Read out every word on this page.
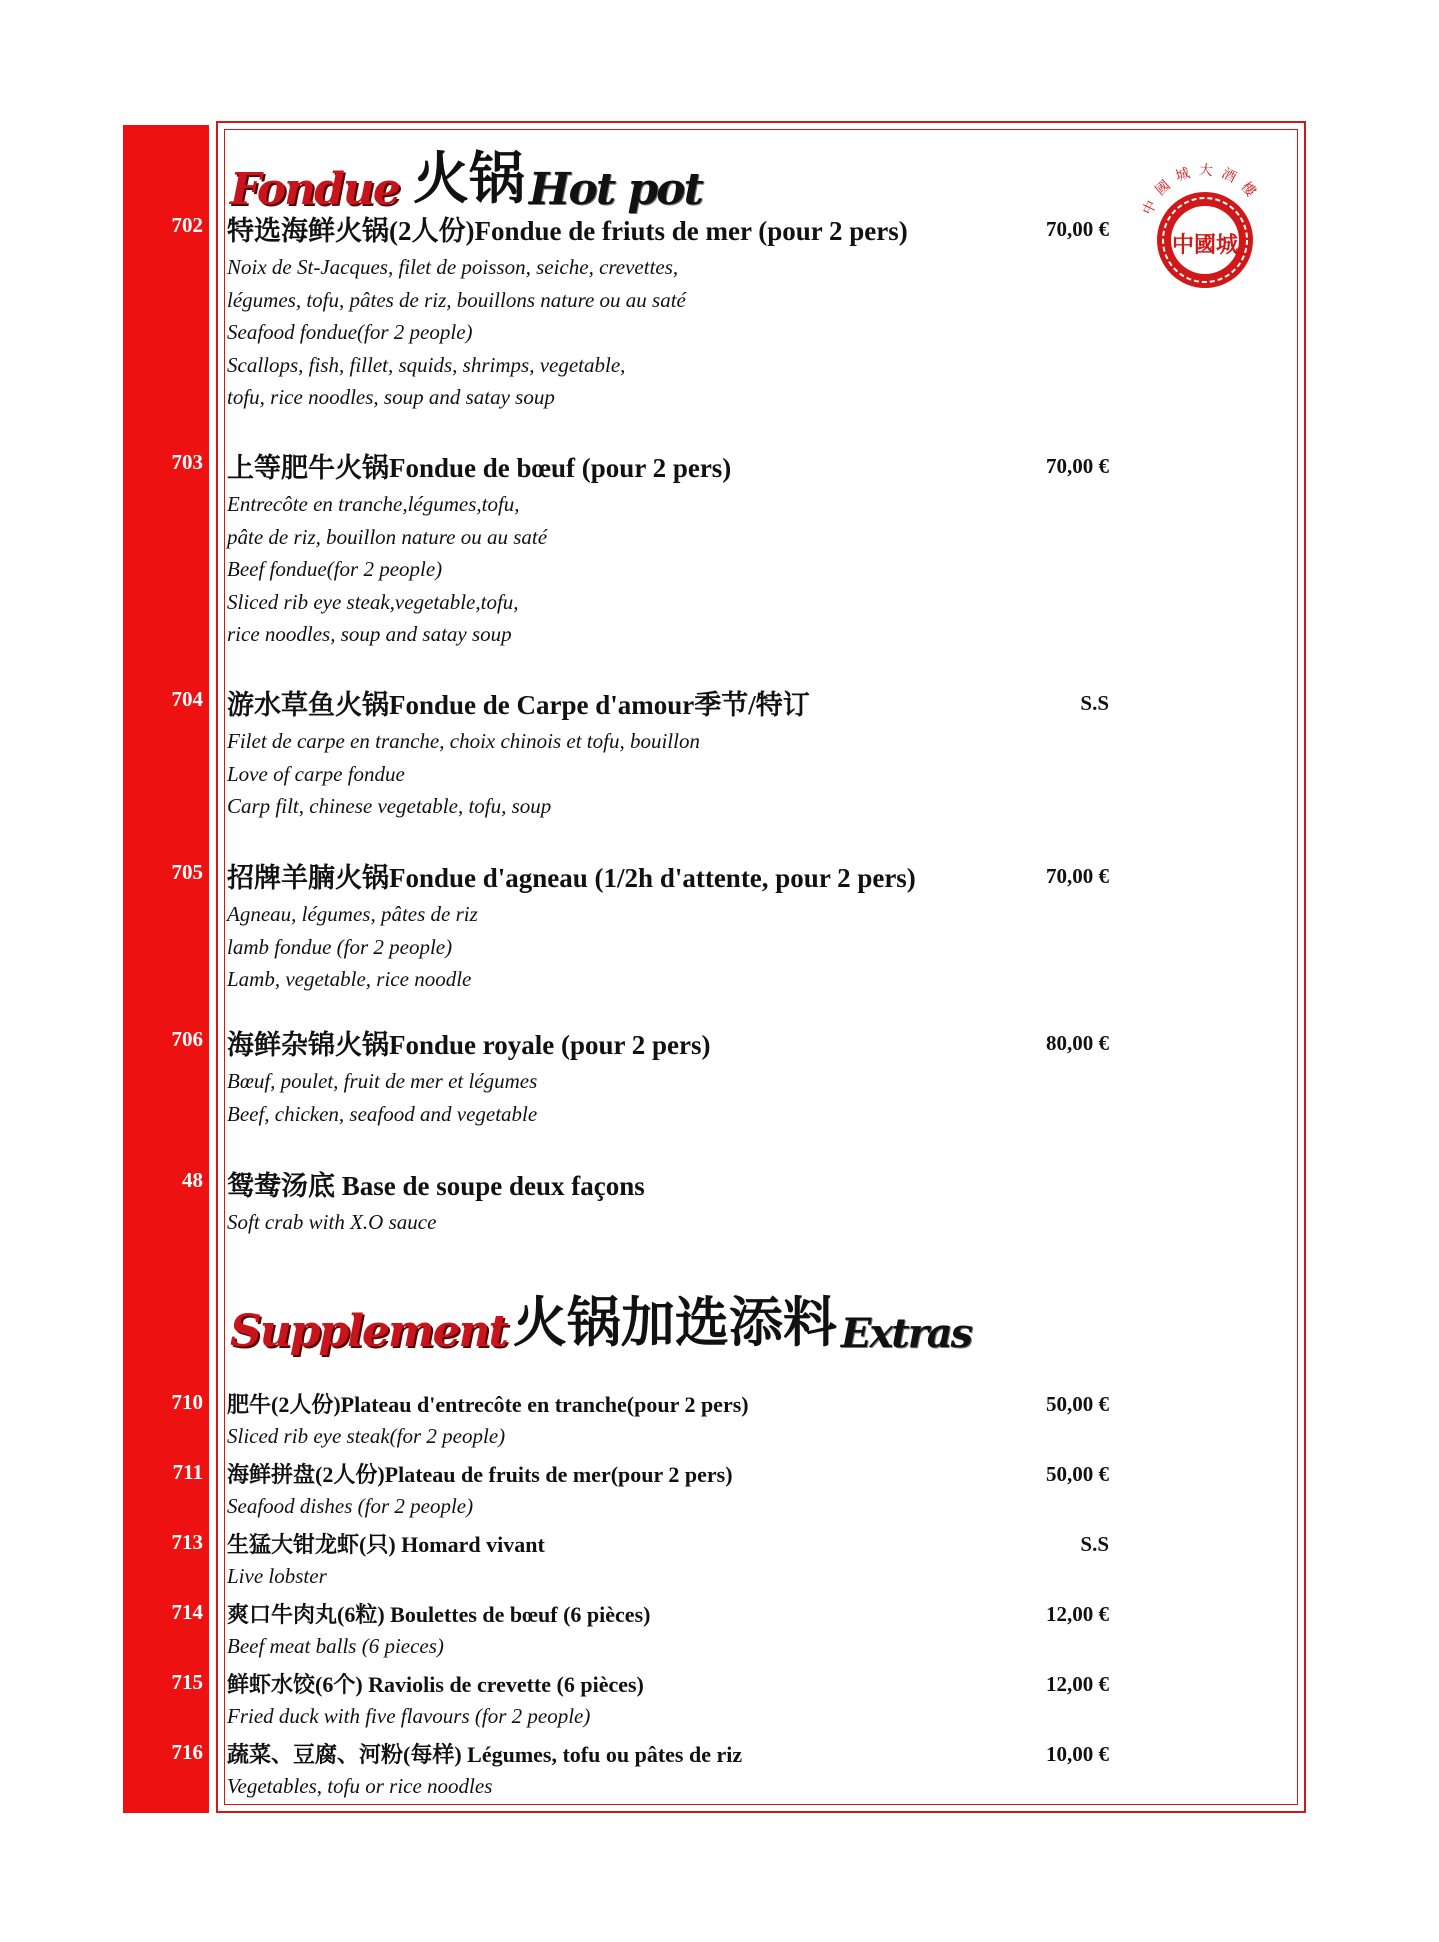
Fondue 火锅 Hot pot	中國城大酒樓
中國城
702 特选海鲜火锅(2人份)Fondue de friuts de mer (pour 2 pers)	70,00 €
Noix de St-Jacques, filet de poisson, seiche, crevettes,
légumes, tofu, pâtes de riz, bouillons nature ou au saté
Seafood fondue(for 2 people)
Scallops, fish, fillet, squids, shrimps, vegetable,
tofu, rice noodles, soup and satay soup
703 上等肥牛火锅Fondue de bœuf (pour 2 pers)	70,00 €
Entrecôte en tranche,légumes,tofu,
pâte de riz, bouillon nature ou au saté
Beef fondue(for 2 people)
Sliced rib eye steak,vegetable,tofu,
rice noodles, soup and satay soup
704 游水草鱼火锅Fondue de Carpe d'amour季节/特订	S.S
Filet de carpe en tranche, choix chinois et tofu, bouillon
Love of carpe fondue
Carp filt, chinese vegetable, tofu, soup
705 招牌羊腩火锅Fondue d'agneau (1/2h d'attente, pour 2 pers)	70,00 €
Agneau, légumes, pâtes de riz
lamb fondue (for 2 people)
Lamb, vegetable, rice noodle
706 海鲜杂锦火锅Fondue royale (pour 2 pers)	80,00 €
Bœuf, poulet, fruit de mer et légumes
Beef, chicken, seafood and vegetable
48 鸳鸯汤底 Base de soupe deux façons
Soft crab with X.O sauce
Supplement 火锅加选添料 Extras
710 肥牛(2人份)Plateau d'entrecôte en tranche(pour 2 pers)	50,00 €
Sliced rib eye steak(for 2 people)
711 海鲜拼盘(2人份)Plateau de fruits de mer(pour 2 pers)	50,00 €
Seafood dishes (for 2 people)
713 生猛大钳龙虾(只) Homard vivant	S.S
Live lobster
714 爽口牛肉丸(6粒) Boulettes de bœuf (6 pièces)	12,00 €
Beef meat balls (6 pieces)
715 鲜虾水饺(6个) Raviolis de crevette (6 pièces)	12,00 €
Fried duck with five flavours (for 2 people)
716 蔬菜、豆腐、河粉(每样) Légumes, tofu ou pâtes de riz	10,00 €
Vegetables, tofu or rice noodles
